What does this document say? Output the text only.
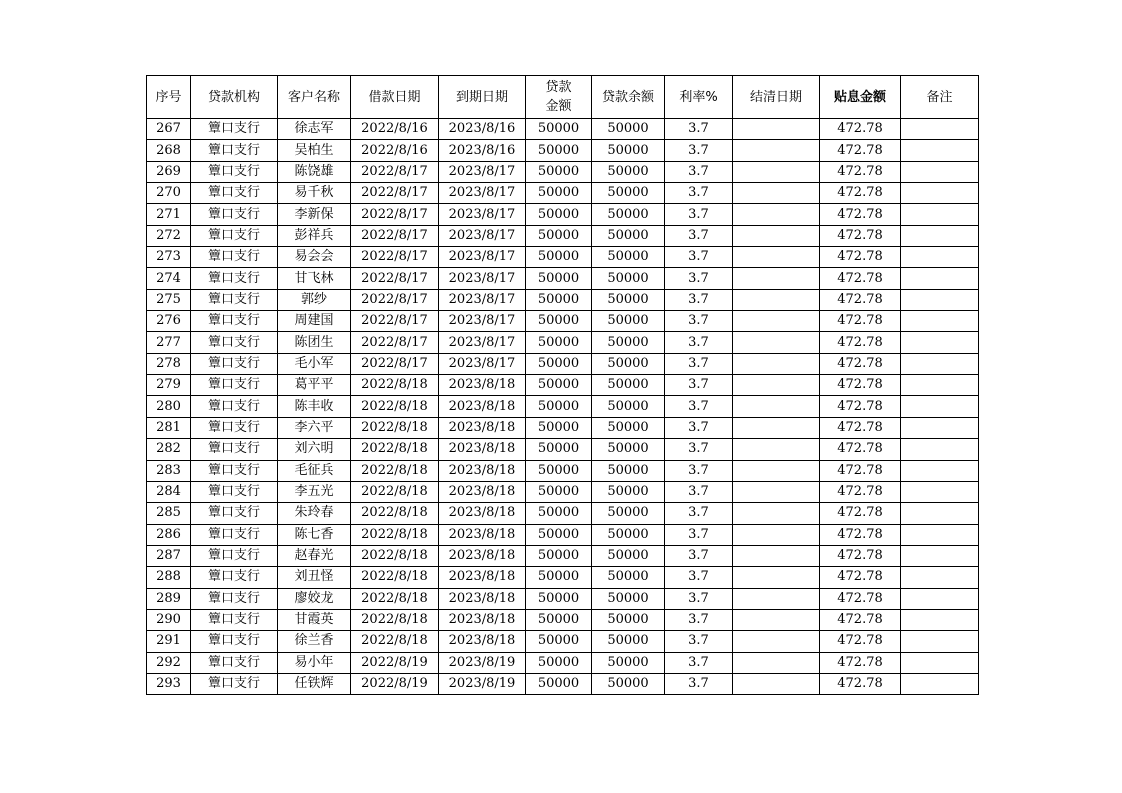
序号	贷款机构	客户名称	借款日期	到期日期	贷款金额	贷款余额	利率%	结清日期	贴息金额	备注
267	簟口支行	徐志军	2022/8/16	2023/8/16	50000	50000	3.7		472.78	
268	簟口支行	吴柏生	2022/8/16	2023/8/16	50000	50000	3.7		472.78	
269	簟口支行	陈饶雄	2022/8/17	2023/8/17	50000	50000	3.7		472.78	
270	簟口支行	易千秋	2022/8/17	2023/8/17	50000	50000	3.7		472.78	
271	簟口支行	李新保	2022/8/17	2023/8/17	50000	50000	3.7		472.78	
272	簟口支行	彭祥兵	2022/8/17	2023/8/17	50000	50000	3.7		472.78	
273	簟口支行	易会会	2022/8/17	2023/8/17	50000	50000	3.7		472.78	
274	簟口支行	甘飞林	2022/8/17	2023/8/17	50000	50000	3.7		472.78	
275	簟口支行	郭纱	2022/8/17	2023/8/17	50000	50000	3.7		472.78	
276	簟口支行	周建国	2022/8/17	2023/8/17	50000	50000	3.7		472.78	
277	簟口支行	陈团生	2022/8/17	2023/8/17	50000	50000	3.7		472.78	
278	簟口支行	毛小军	2022/8/17	2023/8/17	50000	50000	3.7		472.78	
279	簟口支行	葛平平	2022/8/18	2023/8/18	50000	50000	3.7		472.78	
280	簟口支行	陈丰收	2022/8/18	2023/8/18	50000	50000	3.7		472.78	
281	簟口支行	李六平	2022/8/18	2023/8/18	50000	50000	3.7		472.78	
282	簟口支行	刘六明	2022/8/18	2023/8/18	50000	50000	3.7		472.78	
283	簟口支行	毛征兵	2022/8/18	2023/8/18	50000	50000	3.7		472.78	
284	簟口支行	李五光	2022/8/18	2023/8/18	50000	50000	3.7		472.78	
285	簟口支行	朱玲春	2022/8/18	2023/8/18	50000	50000	3.7		472.78	
286	簟口支行	陈七香	2022/8/18	2023/8/18	50000	50000	3.7		472.78	
287	簟口支行	赵春光	2022/8/18	2023/8/18	50000	50000	3.7		472.78	
288	簟口支行	刘丑怪	2022/8/18	2023/8/18	50000	50000	3.7		472.78	
289	簟口支行	廖姣龙	2022/8/18	2023/8/18	50000	50000	3.7		472.78	
290	簟口支行	甘霞英	2022/8/18	2023/8/18	50000	50000	3.7		472.78	
291	簟口支行	徐兰香	2022/8/18	2023/8/18	50000	50000	3.7		472.78	
292	簟口支行	易小年	2022/8/19	2023/8/19	50000	50000	3.7		472.78	
293	簟口支行	任铁辉	2022/8/19	2023/8/19	50000	50000	3.7		472.78	
